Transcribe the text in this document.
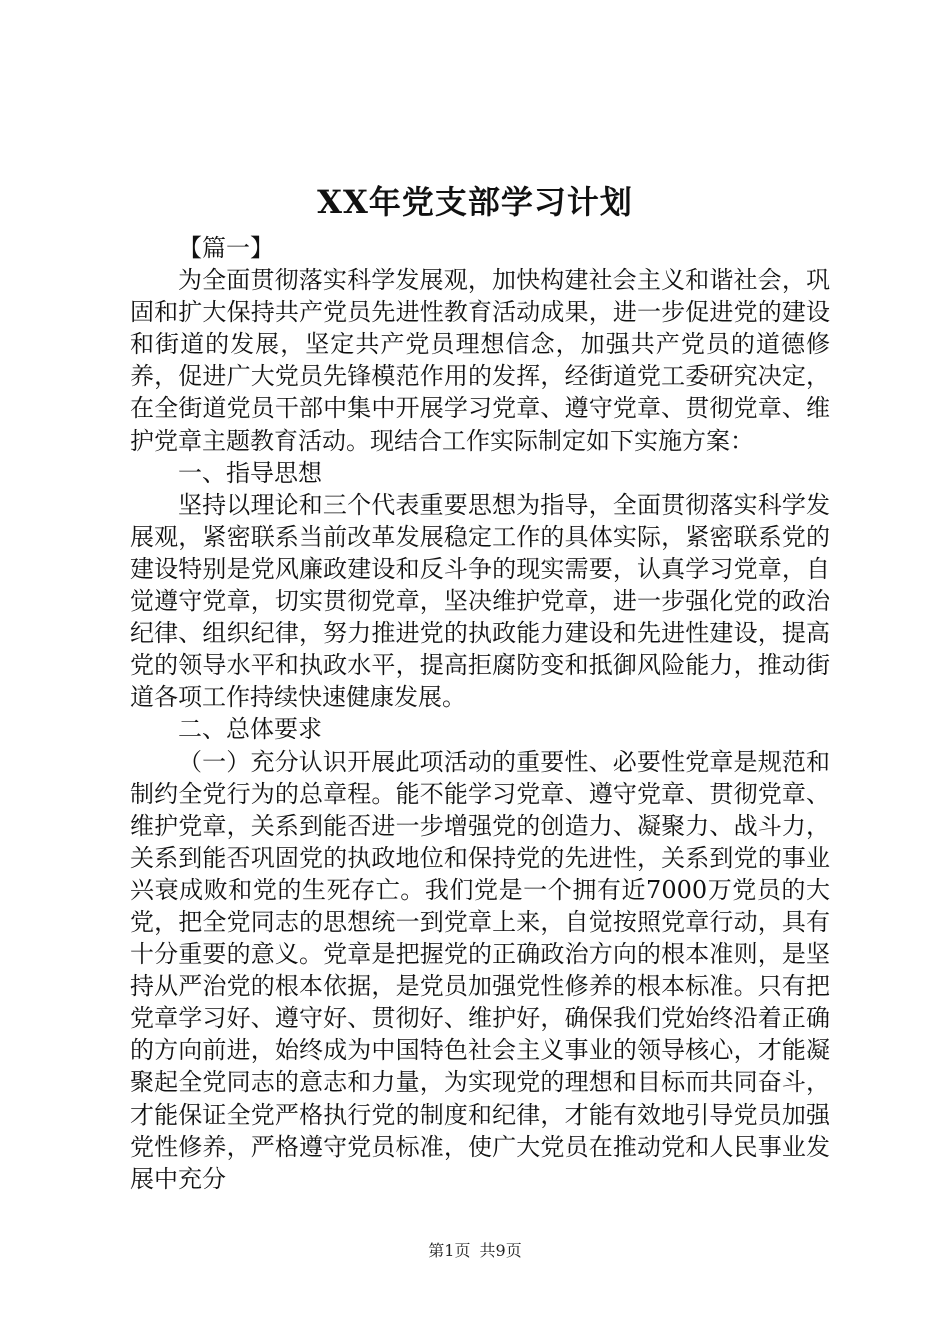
XX年党支部学习计划

【篇一】

为全面贯彻落实科学发展观，加快构建社会主义和谐社会，巩固和扩大保持共产党员先进性教育活动成果，进一步促进党的建设和街道的发展，坚定共产党员理想信念，加强共产党员的道德修养，促进广大党员先锋模范作用的发挥，经街道党工委研究决定，在全街道党员干部中集中开展学习党章、遵守党章、贯彻党章、维护党章主题教育活动。现结合工作实际制定如下实施方案：

一、指导思想

坚持以理论和三个代表重要思想为指导，全面贯彻落实科学发展观，紧密联系当前改革发展稳定工作的具体实际，紧密联系党的建设特别是党风廉政建设和反斗争的现实需要，认真学习党章，自觉遵守党章，切实贯彻党章，坚决维护党章，进一步强化党的政治纪律、组织纪律，努力推进党的执政能力建设和先进性建设，提高党的领导水平和执政水平，提高拒腐防变和抵御风险能力，推动街道各项工作持续快速健康发展。

二、总体要求

（一）充分认识开展此项活动的重要性、必要性党章是规范和制约全党行为的总章程。能不能学习党章、遵守党章、贯彻党章、维护党章，关系到能否进一步增强党的创造力、凝聚力、战斗力，关系到能否巩固党的执政地位和保持党的先进性，关系到党的事业兴衰成败和党的生死存亡。我们党是一个拥有近7000万党员的大党，把全党同志的思想统一到党章上来，自觉按照党章行动，具有十分重要的意义。党章是把握党的正确政治方向的根本准则，是坚持从严治党的根本依据，是党员加强党性修养的根本标准。只有把党章学习好、遵守好、贯彻好、维护好，确保我们党始终沿着正确的方向前进，始终成为中国特色社会主义事业的领导核心，才能凝聚起全党同志的意志和力量，为实现党的理想和目标而共同奋斗，才能保证全党严格执行党的制度和纪律，才能有效地引导党员加强党性修养，严格遵守党员标准，使广大党员在推动党和人民事业发展中充分

第1页 共9页
